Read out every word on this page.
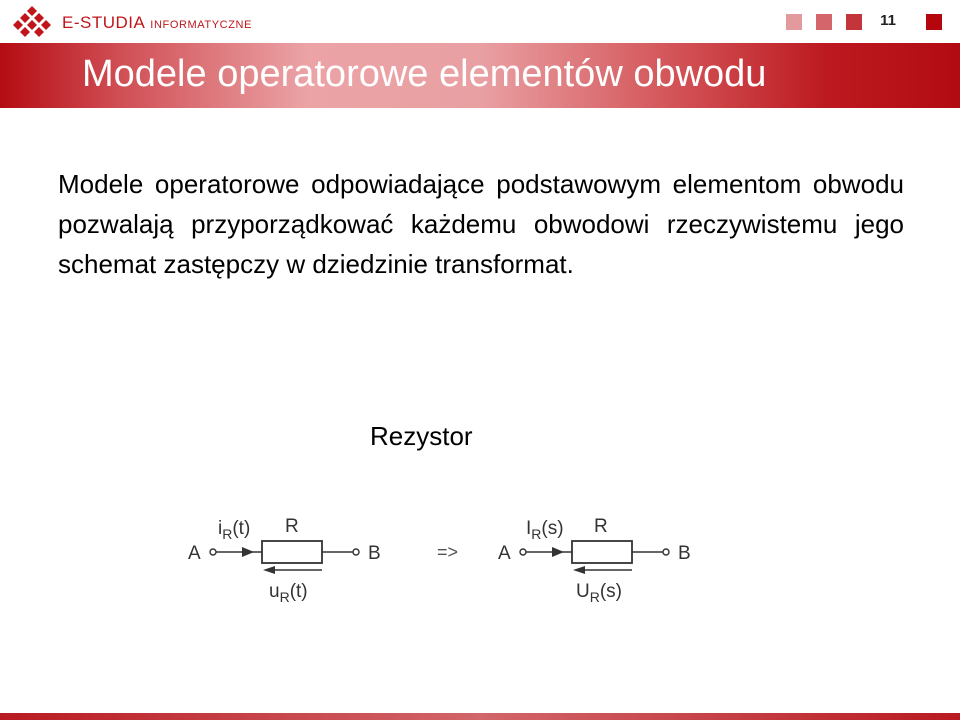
E-STUDIA INFORMATYCZNE	11
Modele operatorowe elementów obwodu

Modele operatorowe odpowiadające podstawowym elementom obwodu pozwalają przyporządkować każdemu obwodowi rzeczywistemu jego schemat zastępczy w dziedzinie transformat.

Rezystor
A	B
R
$i_R(t)$
$u_R(t)$
=> A	B
R
$I_R(s)$
$U_R(s)$
